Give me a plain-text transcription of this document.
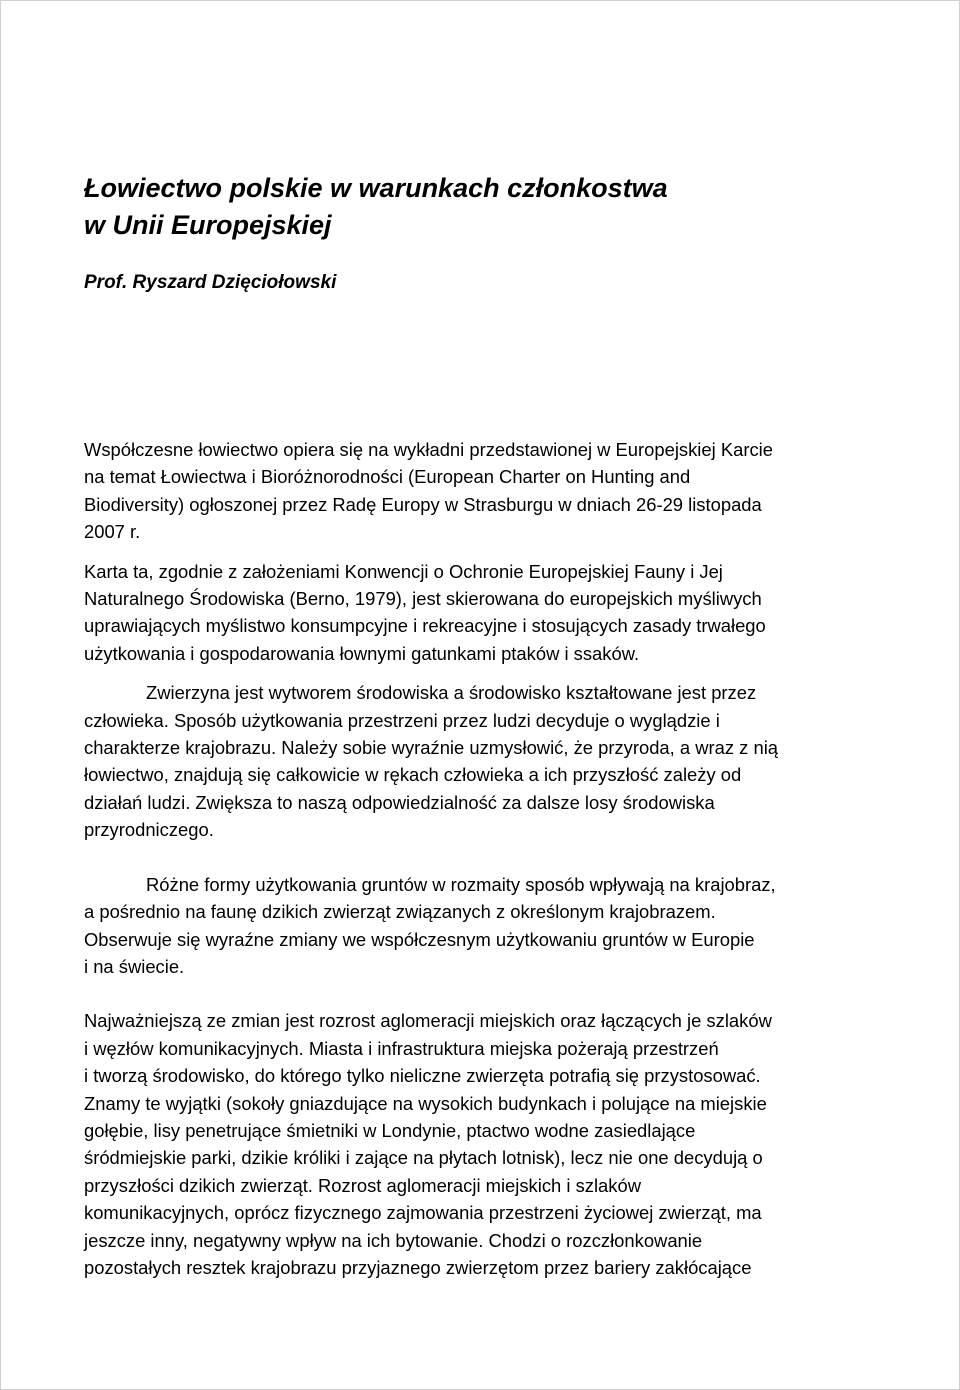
Łowiectwo polskie w warunkach członkostwa
w Unii Europejskiej

Prof. Ryszard Dzięciołowski

Współczesne łowiectwo opiera się na wykładni przedstawionej w Europejskiej Karcie
na temat Łowiectwa i Bioróżnorodności (European Charter on Hunting and
Biodiversity) ogłoszonej przez Radę Europy w Strasburgu w dniach 26-29 listopada
2007 r.

Karta ta, zgodnie z założeniami Konwencji o Ochronie Europejskiej Fauny i Jej
Naturalnego Środowiska (Berno, 1979), jest skierowana do europejskich myśliwych
uprawiających myślistwo konsumpcyjne i rekreacyjne i stosujących zasady trwałego
użytkowania i gospodarowania łownymi gatunkami ptaków i ssaków.

Zwierzyna jest wytworem środowiska a środowisko kształtowane jest przez
człowieka. Sposób użytkowania przestrzeni przez ludzi decyduje o wyglądzie i
charakterze krajobrazu. Należy sobie wyraźnie uzmysłowić, że przyroda, a wraz z nią
łowiectwo, znajdują się całkowicie w rękach człowieka a ich przyszłość zależy od
działań ludzi. Zwiększa to naszą odpowiedzialność za dalsze losy środowiska
przyrodniczego.

Różne formy użytkowania gruntów w rozmaity sposób wpływają na krajobraz,
a pośrednio na faunę dzikich zwierząt związanych z określonym krajobrazem.
Obserwuje się wyraźne zmiany we współczesnym użytkowaniu gruntów w Europie
i na świecie.

Najważniejszą ze zmian jest rozrost aglomeracji miejskich oraz łączących je szlaków
i węzłów komunikacyjnych. Miasta i infrastruktura miejska pożerają przestrzeń
i tworzą środowisko, do którego tylko nieliczne zwierzęta potrafią się przystosować.
Znamy te wyjątki (sokoły gniazdujące na wysokich budynkach i polujące na miejskie
gołębie, lisy penetrujące śmietniki w Londynie, ptactwo wodne zasiedlające
śródmiejskie parki, dzikie króliki i zające na płytach lotnisk), lecz nie one decydują o
przyszłości dzikich zwierząt. Rozrost aglomeracji miejskich i szlaków
komunikacyjnych, oprócz fizycznego zajmowania przestrzeni życiowej zwierząt, ma
jeszcze inny, negatywny wpływ na ich bytowanie. Chodzi o rozczłonkowanie
pozostałych resztek krajobrazu przyjaznego zwierzętom przez bariery zakłócające
